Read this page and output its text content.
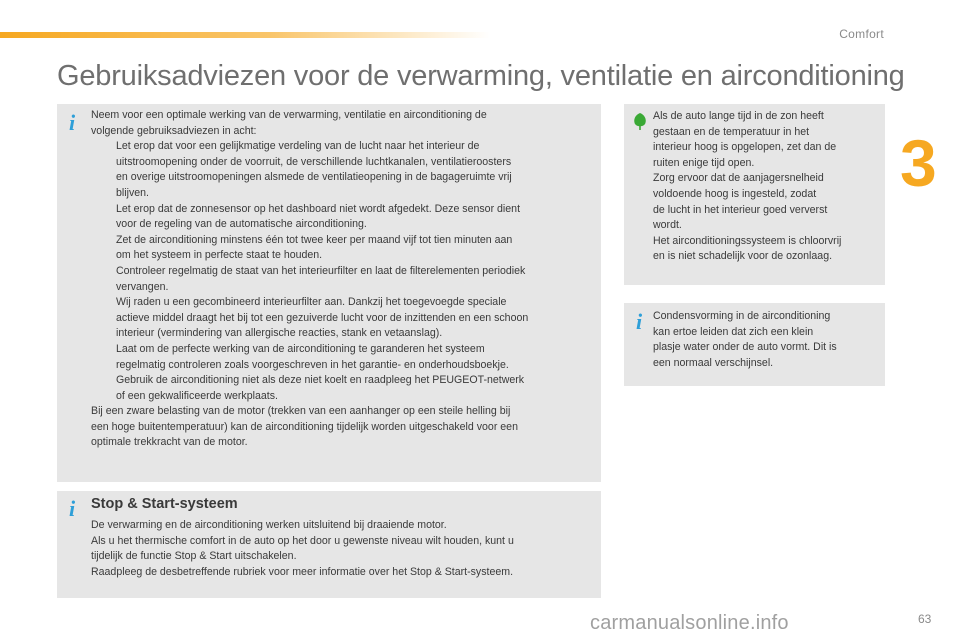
Comfort
3
Gebruiksadviezen voor de verwarming, ventilatie en airconditioning
i	Neem voor een optimale werking van de verwarming, ventilatie en airconditioning de
volgende gebruiksadviezen in acht:
Let erop dat voor een gelijkmatige verdeling van de lucht naar het interieur de
uitstroomopening onder de voorruit, de verschillende luchtkanalen, ventilatieroosters
en overige uitstroomopeningen alsmede de ventilatieopening in de bagageruimte vrij
blijven.
Let erop dat de zonnesensor op het dashboard niet wordt afgedekt. Deze sensor dient
voor de regeling van de automatische airconditioning.
Zet de airconditioning minstens één tot twee keer per maand vijf tot tien minuten aan
om het systeem in perfecte staat te houden.
Controleer regelmatig de staat van het interieurfilter en laat de filterelementen periodiek
vervangen.
Wij raden u een gecombineerd interieurfilter aan. Dankzij het toegevoegde speciale
actieve middel draagt het bij tot een gezuiverde lucht voor de inzittenden en een schoon
interieur (vermindering van allergische reacties, stank en vetaanslag).
Laat om de perfecte werking van de airconditioning te garanderen het systeem
regelmatig controleren zoals voorgeschreven in het garantie- en onderhoudsboekje.
Gebruik de airconditioning niet als deze niet koelt en raadpleeg het PEUGEOT-netwerk
of een gekwalificeerde werkplaats.
Bij een zware belasting van de motor (trekken van een aanhanger op een steile helling bij
een hoge buitentemperatuur) kan de airconditioning tijdelijk worden uitgeschakeld voor een
optimale trekkracht van de motor.
Als de auto lange tijd in de zon heeft
gestaan en de temperatuur in het
interieur hoog is opgelopen, zet dan de
ruiten enige tijd open.
Zorg ervoor dat de aanjagersnelheid
voldoende hoog is ingesteld, zodat
de lucht in het interieur goed ververst
wordt.
Het airconditioningssysteem is chloorvrij
en is niet schadelijk voor de ozonlaag.
i	Condensvorming in de airconditioning
kan ertoe leiden dat zich een klein
plasje water onder de auto vormt. Dit is
een normaal verschijnsel.
i Stop & Start-systeem
De verwarming en de airconditioning werken uitsluitend bij draaiende motor.
Als u het thermische comfort in de auto op het door u gewenste niveau wilt houden, kunt u
tijdelijk de functie Stop & Start uitschakelen.
Raadpleeg de desbetreffende rubriek voor meer informatie over het Stop & Start-systeem.
carmanualsonline.info	63
